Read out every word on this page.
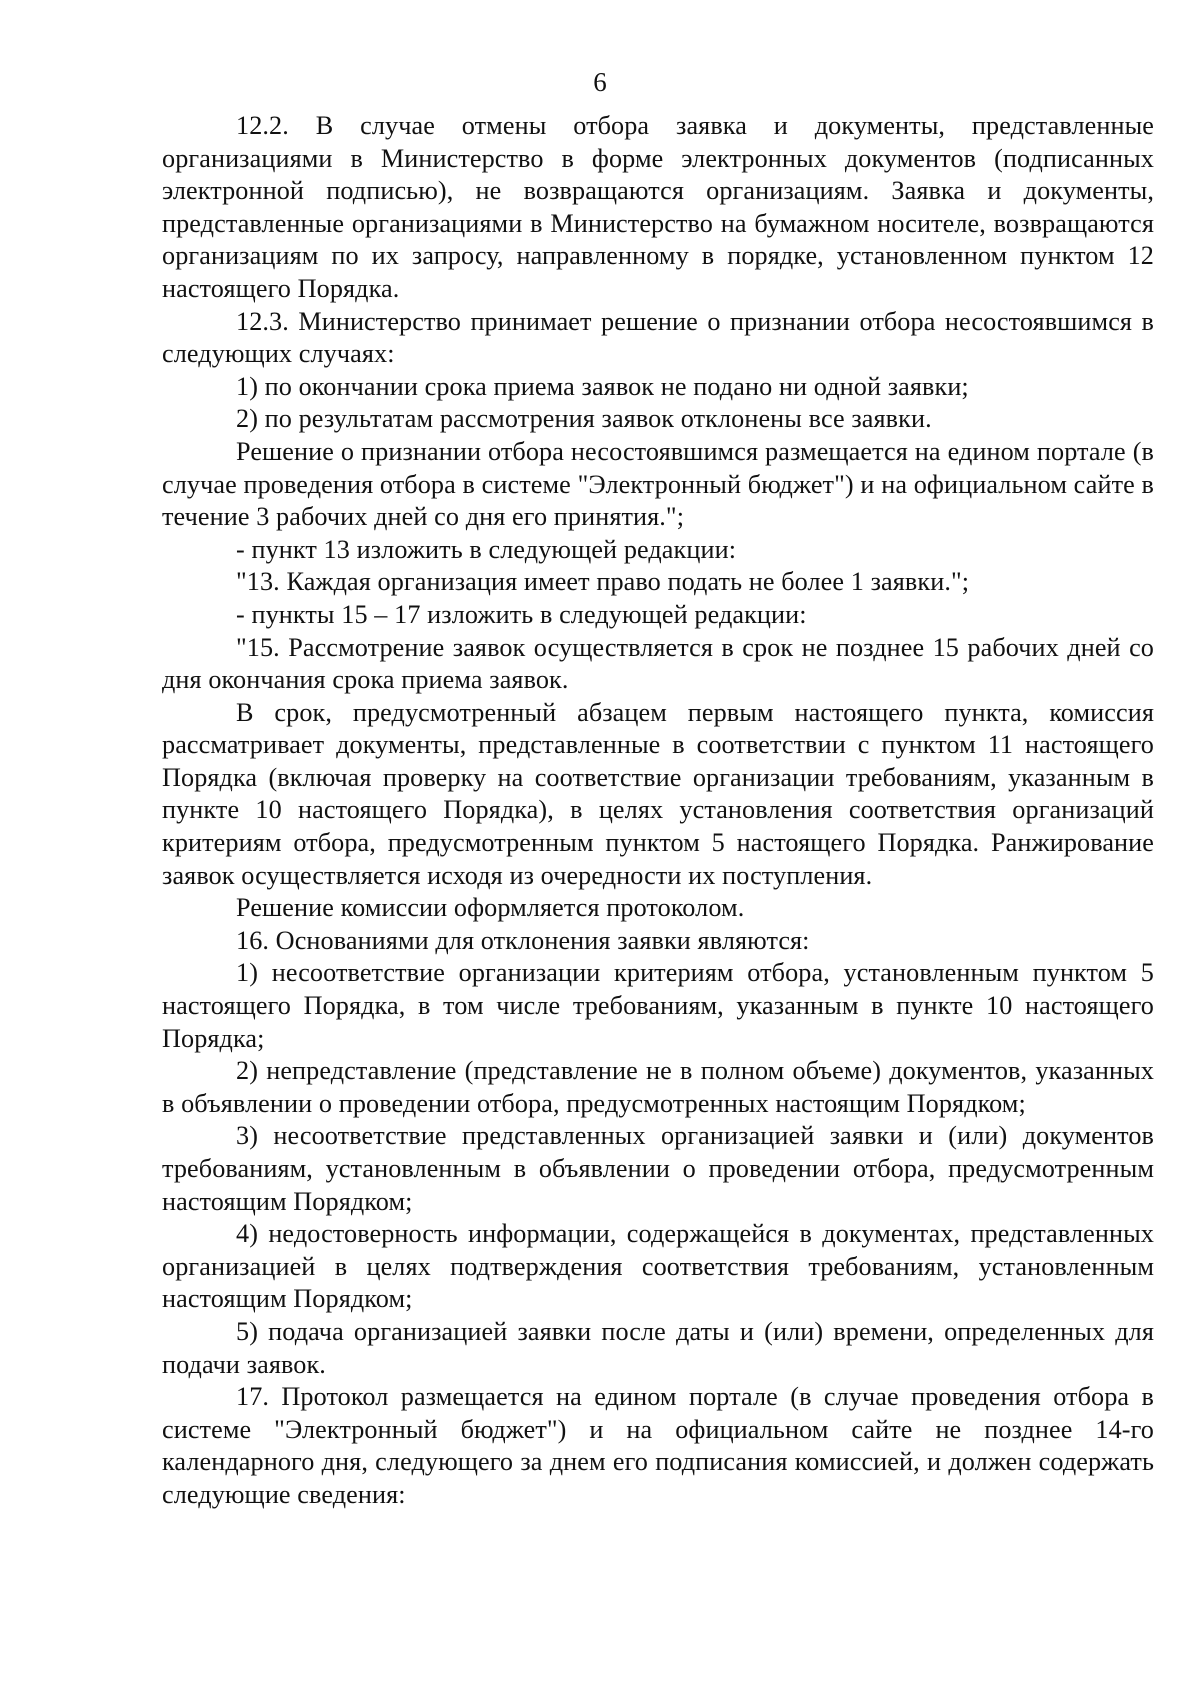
6

12.2. В случае отмены отбора заявка и документы, представленные организациями в Министерство в форме электронных документов (подписанных электронной подписью), не возвращаются организациям. Заявка и документы, представленные организациями в Министерство на бумажном носителе, возвращаются организациям по их запросу, направленному в порядке, установленном пунктом 12 настоящего Порядка.

12.3. Министерство принимает решение о признании отбора несостоявшимся в следующих случаях:

1) по окончании срока приема заявок не подано ни одной заявки;

2) по результатам рассмотрения заявок отклонены все заявки.

Решение о признании отбора несостоявшимся размещается на едином портале (в случае проведения отбора в системе "Электронный бюджет") и на официальном сайте в течение 3 рабочих дней со дня его принятия.";

- пункт 13 изложить в следующей редакции:

"13. Каждая организация имеет право подать не более 1 заявки.";

- пункты 15 – 17 изложить в следующей редакции:

"15. Рассмотрение заявок осуществляется в срок не позднее 15 рабочих дней со дня окончания срока приема заявок.

В срок, предусмотренный абзацем первым настоящего пункта, комиссия рассматривает документы, представленные в соответствии с пунктом 11 настоящего Порядка (включая проверку на соответствие организации требованиям, указанным в пункте 10 настоящего Порядка), в целях установления соответствия организаций критериям отбора, предусмотренным пунктом 5 настоящего Порядка. Ранжирование заявок осуществляется исходя из очередности их поступления.

Решение комиссии оформляется протоколом.

16. Основаниями для отклонения заявки являются:

1) несоответствие организации критериям отбора, установленным пунктом 5 настоящего Порядка, в том числе требованиям, указанным в пункте 10 настоящего Порядка;

2) непредставление (представление не в полном объеме) документов, указанных в объявлении о проведении отбора, предусмотренных настоящим Порядком;

3) несоответствие представленных организацией заявки и (или) документов требованиям, установленным в объявлении о проведении отбора, предусмотренным настоящим Порядком;

4) недостоверность информации, содержащейся в документах, представленных организацией в целях подтверждения соответствия требованиям, установленным настоящим Порядком;

5) подача организацией заявки после даты и (или) времени, определенных для подачи заявок.

17. Протокол размещается на едином портале (в случае проведения отбора в системе "Электронный бюджет") и на официальном сайте не позднее 14-го календарного дня, следующего за днем его подписания комиссией, и должен содержать следующие сведения:
